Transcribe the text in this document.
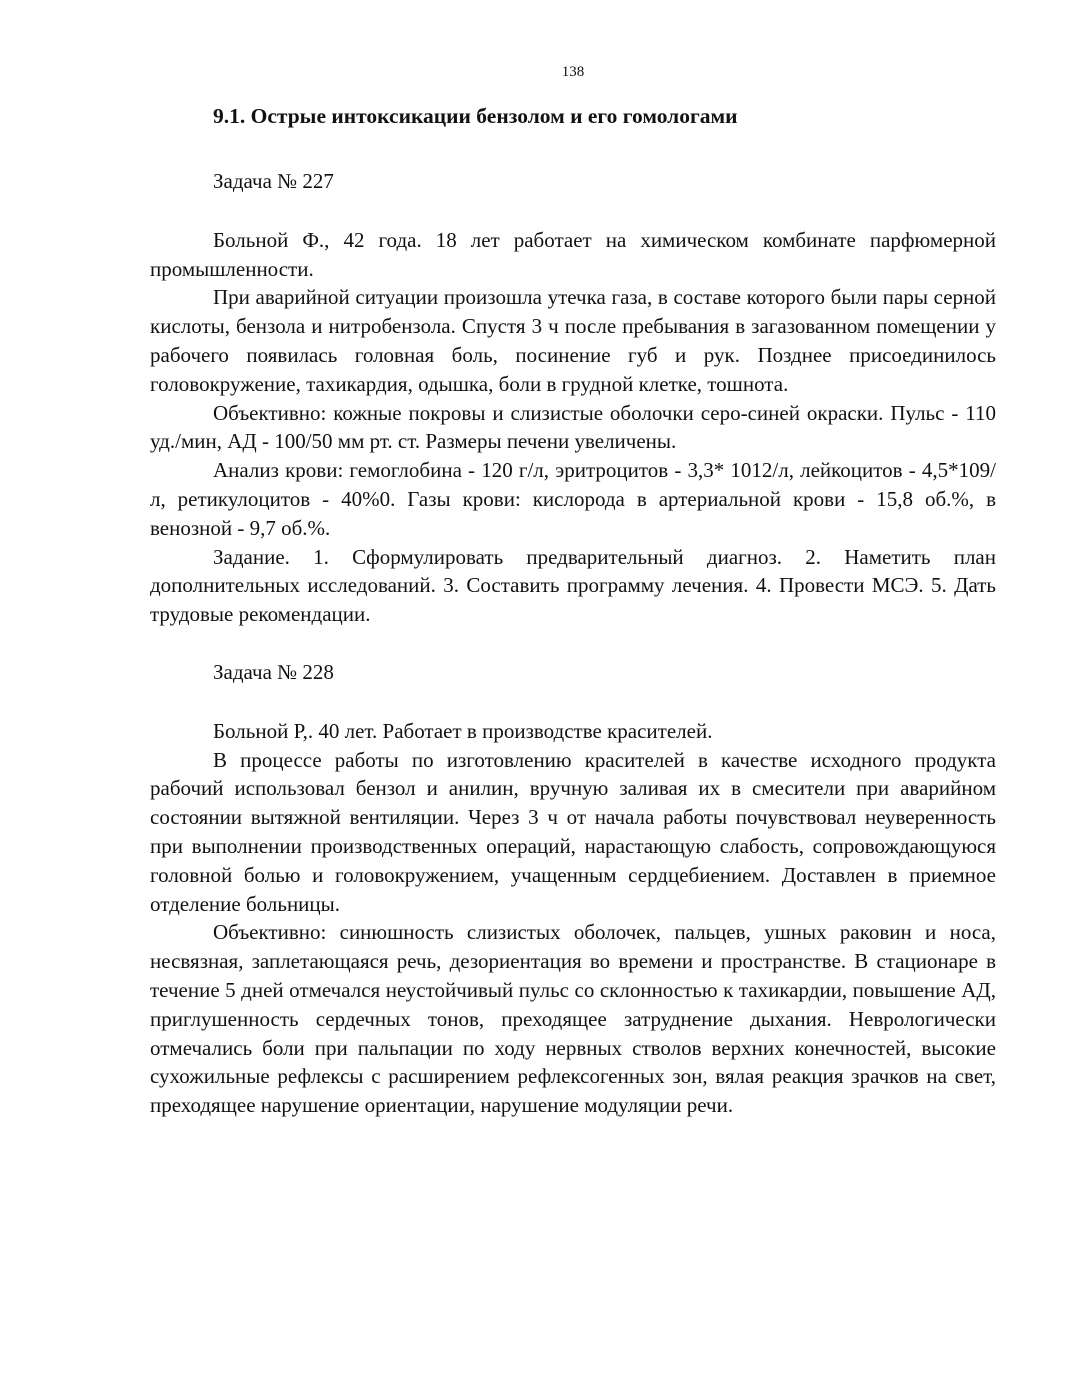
138
9.1. Острые интоксикации бензолом и его гомологами
Задача № 227

Больной Ф., 42 года. 18 лет работает на химическом комбинате парфюмерной промышленности.

При аварийной ситуации произошла утечка газа, в составе которого были пары серной кислоты, бензола и нитробензола. Спустя 3 ч после пребывания в загазованном помещении у рабочего появилась головная боль, посинение губ и рук. Позднее присоединилось головокружение, тахикардия, одышка, боли в грудной клетке, тошнота.

Объективно: кожные покровы и слизистые оболочки серо-синей окраски. Пульс - 110 уд./мин, АД - 100/50 мм рт. ст. Размеры печени увеличены.

Анализ крови: гемоглобина - 120 г/л, эритроцитов - 3,3* 1012/л, лейкоцитов - 4,5*109/л, ретикулоцитов - 40%0. Газы крови: кислорода в артериальной крови - 15,8 об.%, в венозной - 9,7 об.%.

Задание. 1. Сформулировать предварительный диагноз. 2. Наметить план дополнительных исследований. 3. Составить программу лечения. 4. Провести МСЭ. 5. Дать трудовые рекомендации.

Задача № 228

Больной Р,. 40 лет. Работает в производстве красителей.

В процессе работы по изготовлению красителей в качестве исходного продукта рабочий использовал бензол и анилин, вручную заливая их в смесители при аварийном состоянии вытяжной вентиляции. Через 3 ч от начала работы почувствовал неуверенность при выполнении производственных операций, нарастающую слабость, сопровождающуюся головной болью и головокружением, учащенным сердцебиением. Доставлен в приемное отделение больницы.

Объективно: синюшность слизистых оболочек, пальцев, ушных раковин и носа, несвязная, заплетающаяся речь, дезориентация во времени и пространстве. В стационаре в течение 5 дней отмечался неустойчивый пульс со склонностью к тахикардии, повышение АД, приглушенность сердечных тонов, преходящее затруднение дыхания. Неврологически отмечались боли при пальпации по ходу нервных стволов верхних конечностей, высокие сухожильные рефлексы с расширением рефлексогенных зон, вялая реакция зрачков на свет, преходящее нарушение ориентации, нарушение модуляции речи.
